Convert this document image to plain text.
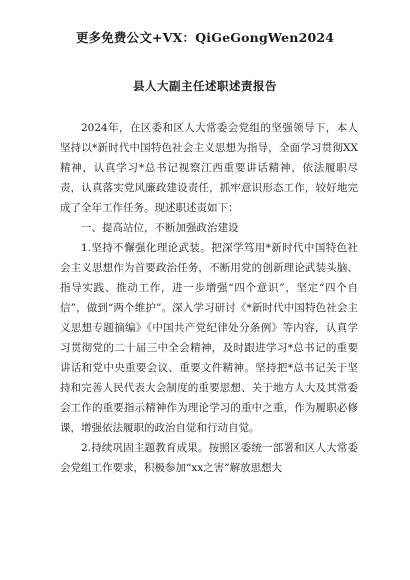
更多免费公文+VX：QiGeGongWen2024
县人大副主任述职述责报告

2024年，在区委和区人大常委会党组的坚强领导下，本人坚持以*新时代中国特色社会主义思想为指导，全面学习贯彻XX精神，认真学习*总书记视察江西重要讲话精神，依法履职尽责，认真落实党风廉政建设责任，抓牢意识形态工作，较好地完成了全年工作任务。现述职述责如下：

一、提高站位，不断加强政治建设

1.坚持不懈强化理论武装。把深学笃用*新时代中国特色社会主义思想作为首要政治任务，不断用党的创新理论武装头脑、指导实践、推动工作，进一步增强“四个意识”，坚定“四个自信”，做到“两个维护”。深入学习研讨《*新时代中国特色社会主义思想专题摘编》《中国共产党纪律处分条例》等内容，认真学习贯彻党的二十届三中全会精神，及时跟进学习*总书记的重要讲话和党中央重要会议、重要文件精神。坚持把*总书记关于坚持和完善人民代表大会制度的重要思想、关于地方人大及其常委会工作的重要指示精神作为理论学习的重中之重，作为履职必修课，增强依法履职的政治自觉和行动自觉。

2.持续巩固主题教育成果。按照区委统一部署和区人大常委会党组工作要求，积极参加“xx之害”解放思想大
